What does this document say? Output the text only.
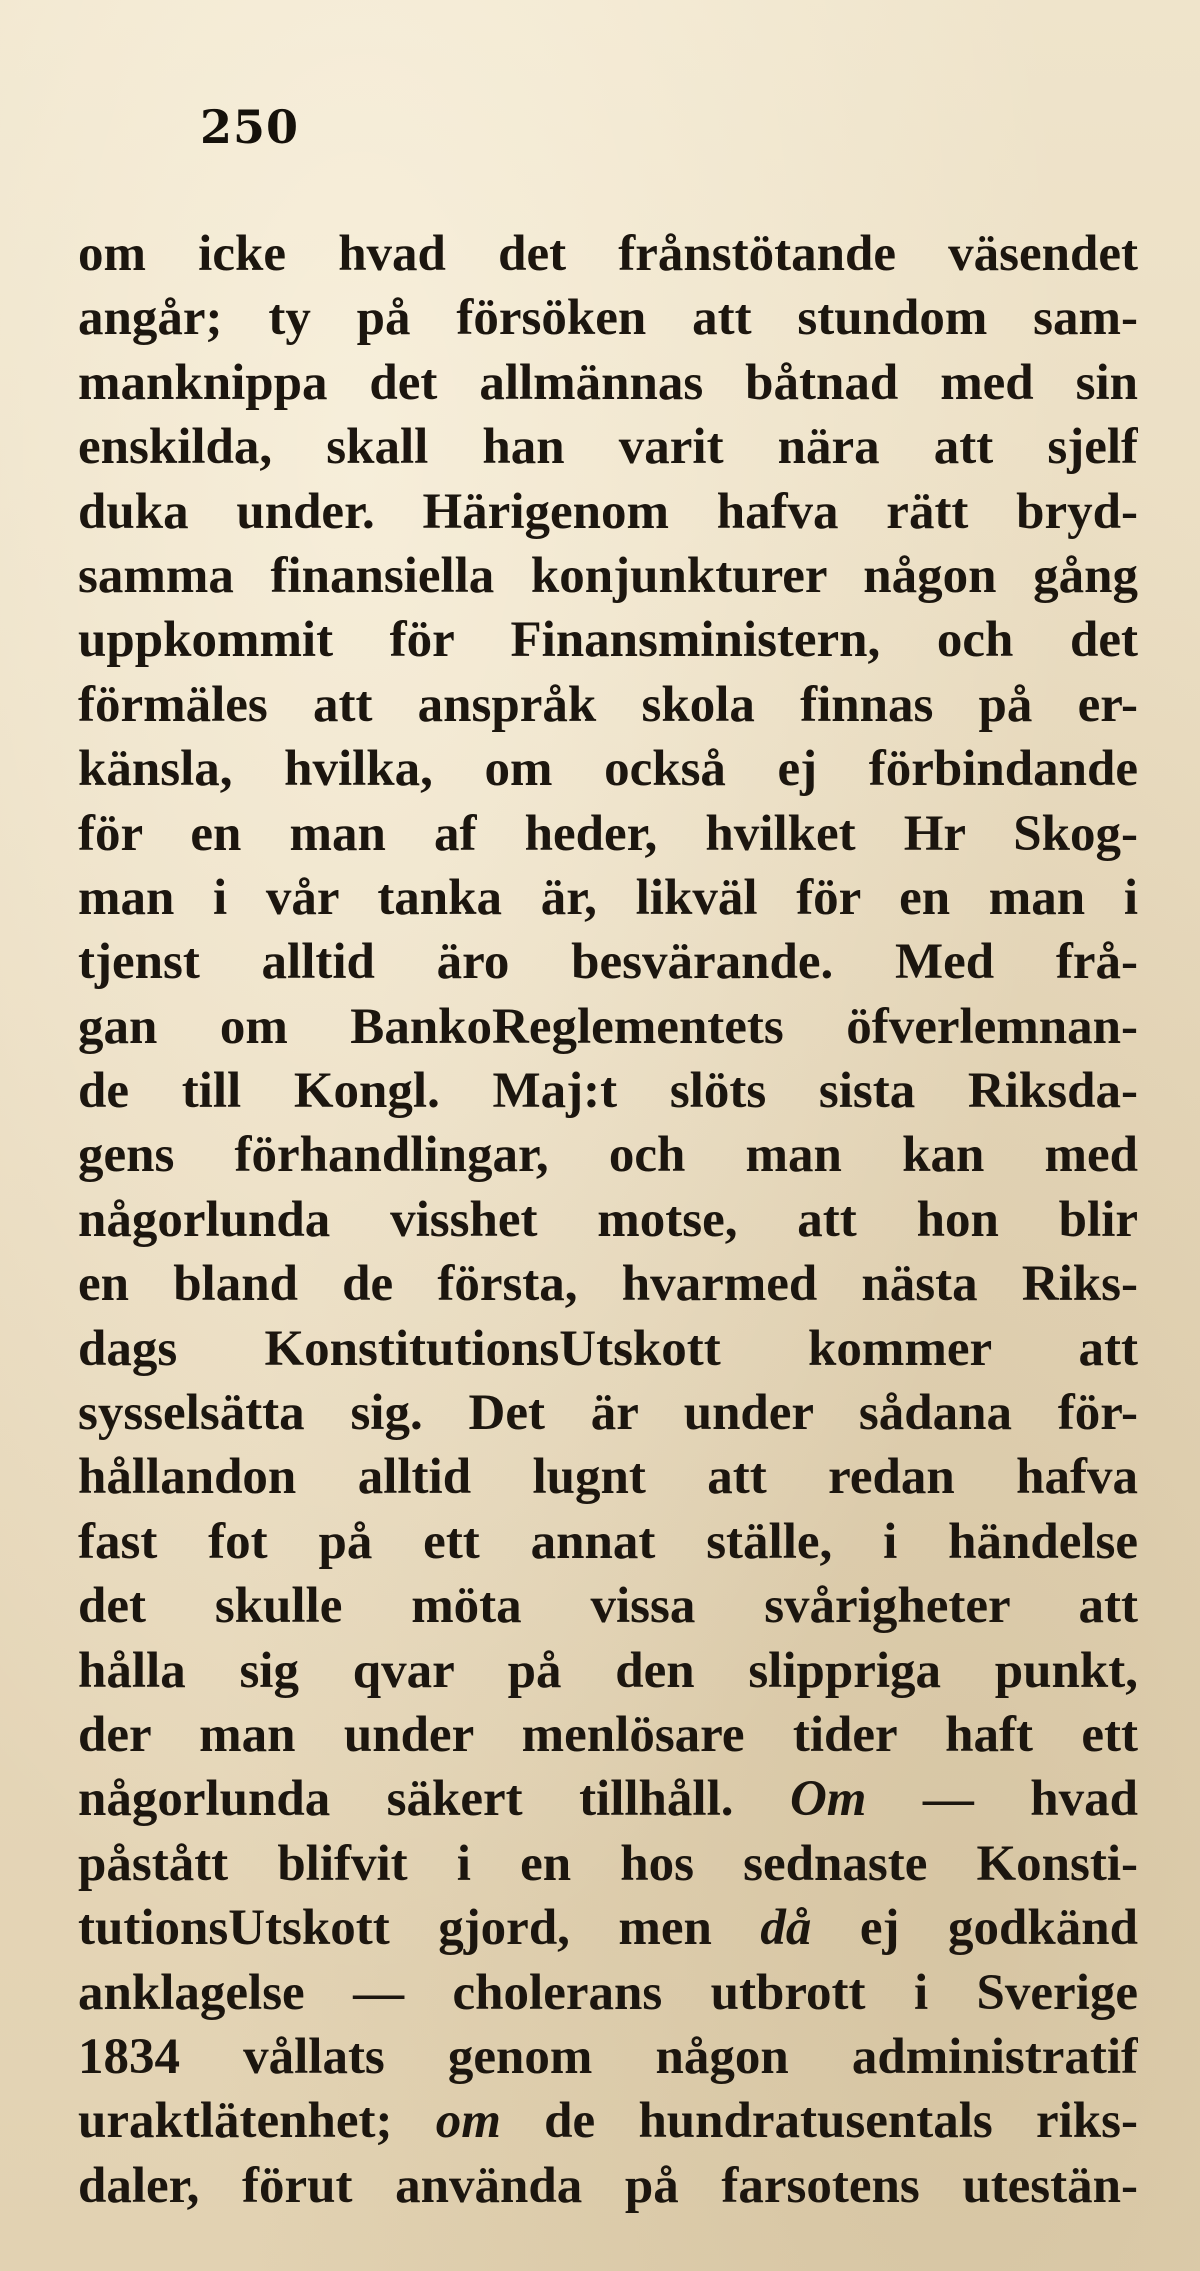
250
om icke hvad det frånstötande väsendet
angår; ty på försöken att stundom sam-
manknippa det allmännas båtnad med sin
enskilda, skall han varit nära att sjelf
duka under. Härigenom hafva rätt bryd-
samma finansiella konjunkturer någon gång
uppkommit för Finansministern, och det
förmäles att anspråk skola finnas på er-
känsla, hvilka, om också ej förbindande
för en man af heder, hvilket Hr Skog-
man i vår tanka är, likväl för en man i
tjenst alltid äro besvärande. Med frå-
gan om BankoReglementets öfverlemnan-
de till Kongl. Maj:t slöts sista Riksda-
gens förhandlingar, och man kan med
någorlunda visshet motse, att hon blir
en bland de första, hvarmed nästa Riks-
dags KonstitutionsUtskott kommer att
sysselsätta sig. Det är under sådana för-
hållandon alltid lugnt att redan hafva
fast fot på ett annat ställe, i händelse
det skulle möta vissa svårigheter att
hålla sig qvar på den slippriga punkt,
der man under menlösare tider haft ett
någorlunda säkert tillhåll. Om — hvad
påstått blifvit i en hos sednaste Konsti-
tutionsUtskott gjord, men då ej godkänd
anklagelse — cholerans utbrott i Sverige
1834 vållats genom någon administratif
uraktlätenhet; om de hundratusentals riks-
daler, förut använda på farsotens utestän-
